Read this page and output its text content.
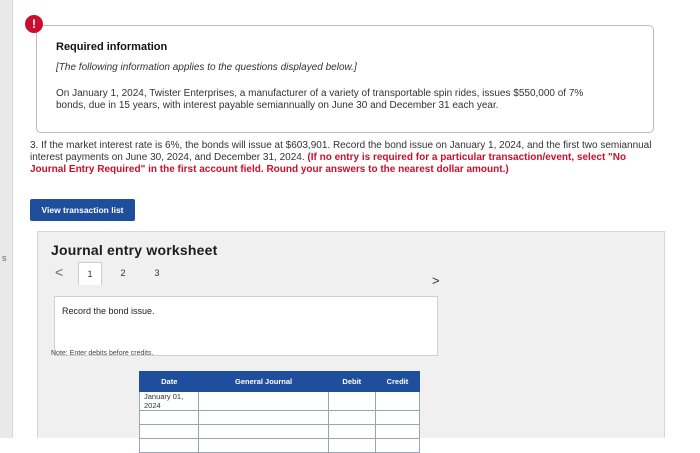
s
Required information
[The following information applies to the questions displayed below.]
On January 1, 2024, Twister Enterprises, a manufacturer of a variety of transportable spin rides, issues $550,000 of 7% bonds, due in 15 years, with interest payable semiannually on June 30 and December 31 each year.
!
3. If the market interest rate is 6%, the bonds will issue at $603,901. Record the bond issue on January 1, 2024, and the first two semiannual interest payments on June 30, 2024, and December 31, 2024. (If no entry is required for a particular transaction/event, select "No Journal Entry Required" in the first account field. Round your answers to the nearest dollar amount.)
View transaction list
Journal entry worksheet
<	1	2	3	>
Record the bond issue.
Note: Enter debits before credits.
Date	General Journal	Debit	Credit
January 01, 2024			
